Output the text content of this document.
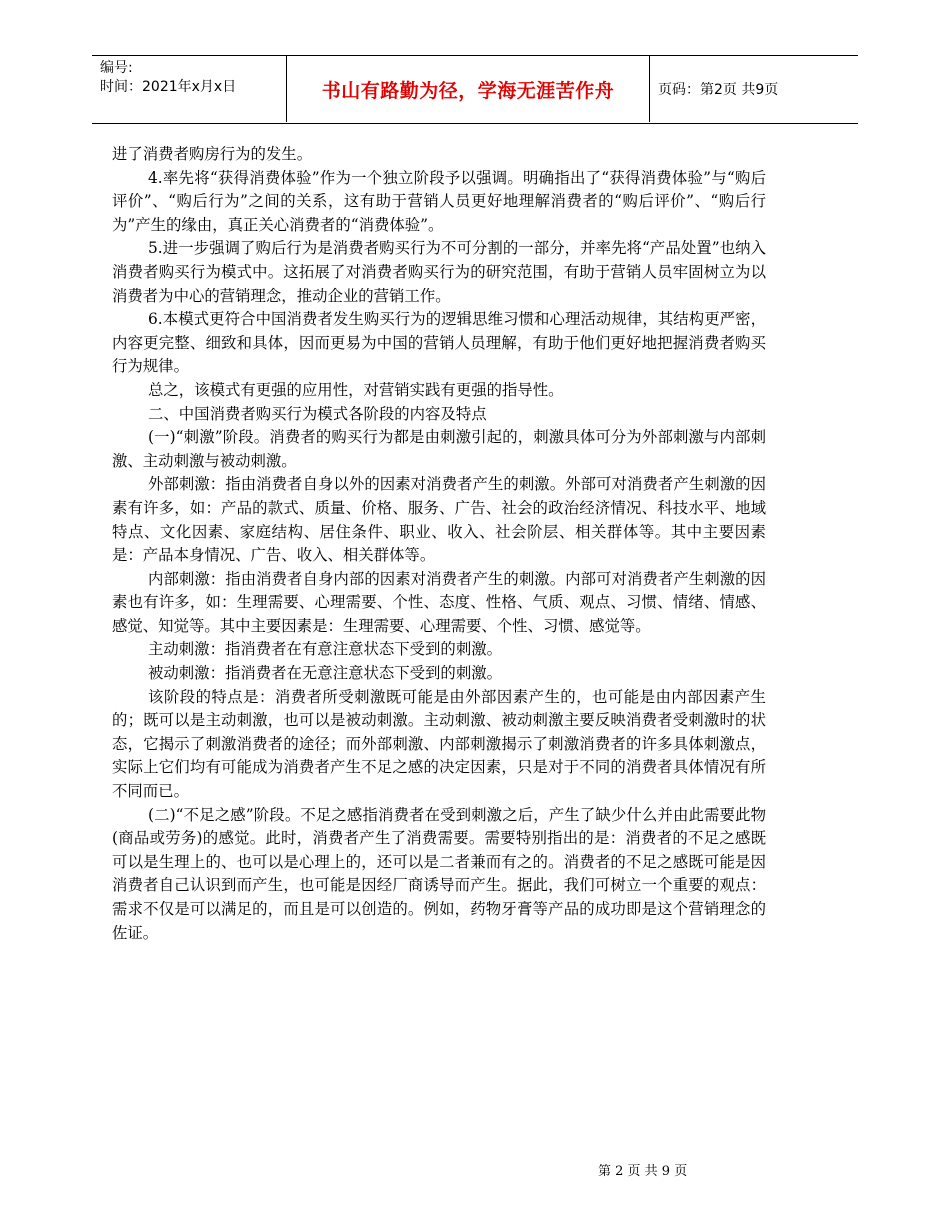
编号:
时间：2021年x月x日	书山有路勤为径，学海无涯苦作舟	页码：第2页 共9页

进了消费者购房行为的发生。

4.率先将“获得消费体验”作为一个独立阶段予以强调。明确指出了“获得消费体验”与“购后评价”、“购后行为”之间的关系，这有助于营销人员更好地理解消费者的“购后评价”、“购后行为”产生的缘由，真正关心消费者的“消费体验”。

5.进一步强调了购后行为是消费者购买行为不可分割的一部分，并率先将“产品处置”也纳入消费者购买行为模式中。这拓展了对消费者购买行为的研究范围，有助于营销人员牢固树立为以消费者为中心的营销理念，推动企业的营销工作。

6.本模式更符合中国消费者发生购买行为的逻辑思维习惯和心理活动规律，其结构更严密，内容更完整、细致和具体，因而更易为中国的营销人员理解，有助于他们更好地把握消费者购买行为规律。

总之，该模式有更强的应用性，对营销实践有更强的指导性。

二、中国消费者购买行为模式各阶段的内容及特点

(一)“刺激”阶段。消费者的购买行为都是由刺激引起的，刺激具体可分为外部刺激与内部刺激、主动刺激与被动刺激。

外部刺激：指由消费者自身以外的因素对消费者产生的刺激。外部可对消费者产生刺激的因素有许多，如：产品的款式、质量、价格、服务、广告、社会的政治经济情况、科技水平、地域特点、文化因素、家庭结构、居住条件、职业、收入、社会阶层、相关群体等。其中主要因素是：产品本身情况、广告、收入、相关群体等。

内部刺激：指由消费者自身内部的因素对消费者产生的刺激。内部可对消费者产生刺激的因素也有许多，如：生理需要、心理需要、个性、态度、性格、气质、观点、习惯、情绪、情感、感觉、知觉等。其中主要因素是：生理需要、心理需要、个性、习惯、感觉等。

主动刺激：指消费者在有意注意状态下受到的刺激。

被动刺激：指消费者在无意注意状态下受到的刺激。

该阶段的特点是：消费者所受刺激既可能是由外部因素产生的，也可能是由内部因素产生的；既可以是主动刺激，也可以是被动刺激。主动刺激、被动刺激主要反映消费者受刺激时的状态，它揭示了刺激消费者的途径；而外部刺激、内部刺激揭示了刺激消费者的许多具体刺激点，实际上它们均有可能成为消费者产生不足之感的决定因素，只是对于不同的消费者具体情况有所不同而已。

(二)“不足之感”阶段。不足之感指消费者在受到刺激之后，产生了缺少什么并由此需要此物(商品或劳务)的感觉。此时，消费者产生了消费需要。需要特别指出的是：消费者的不足之感既可以是生理上的、也可以是心理上的，还可以是二者兼而有之的。消费者的不足之感既可能是因消费者自己认识到而产生，也可能是因经厂商诱导而产生。据此，我们可树立一个重要的观点：需求不仅是可以满足的，而且是可以创造的。例如，药物牙膏等产品的成功即是这个营销理念的佐证。

第 2 页 共 9 页
